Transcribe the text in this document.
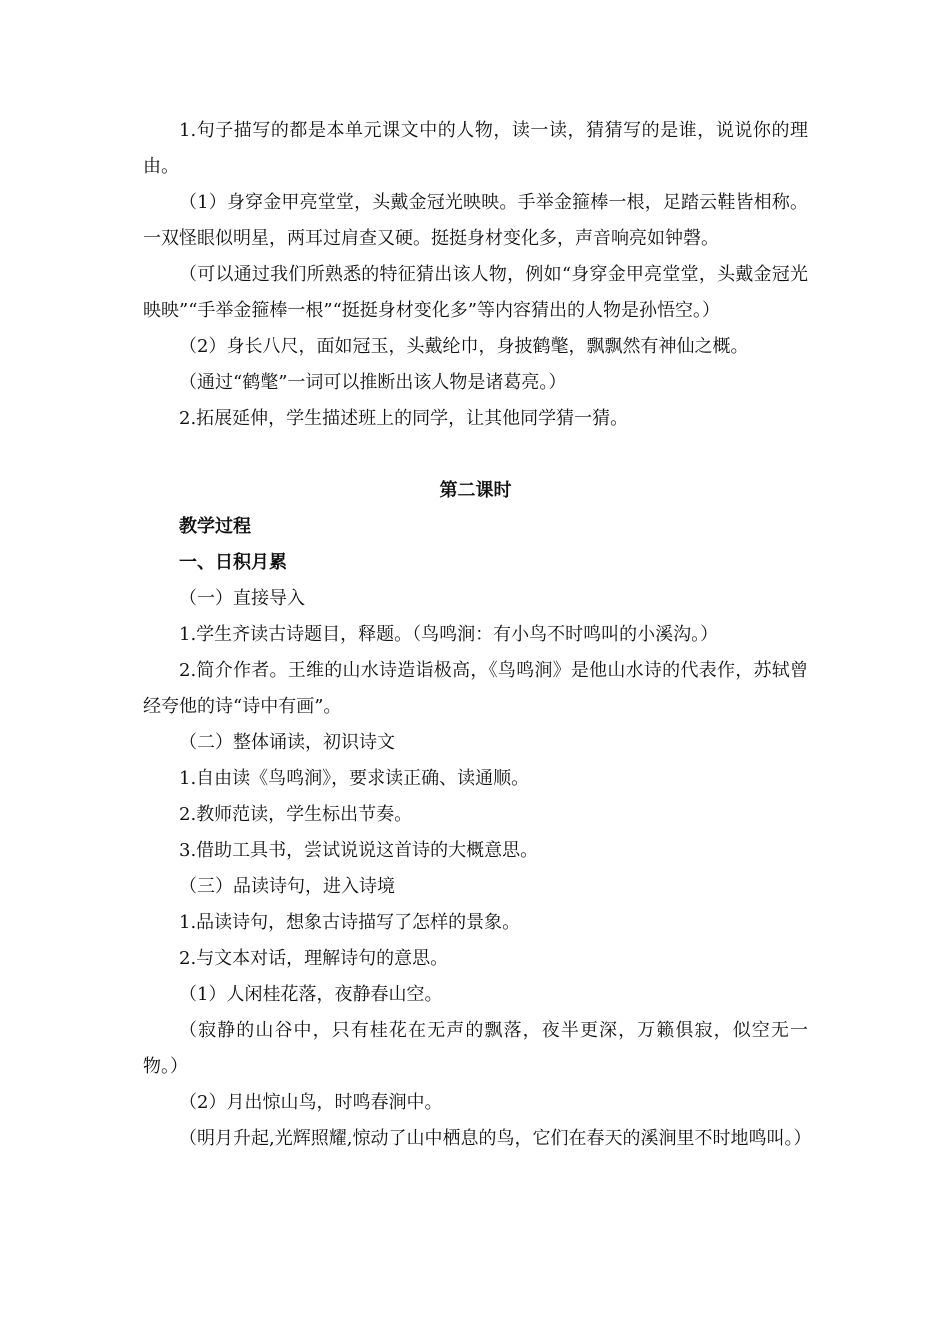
1.句子描写的都是本单元课文中的人物，读一读，猜猜写的是谁，说说你的理由。

（1）身穿金甲亮堂堂，头戴金冠光映映。手举金箍棒一根，足踏云鞋皆相称。一双怪眼似明星，两耳过肩查又硬。挺挺身材变化多，声音响亮如钟磬。

（可以通过我们所熟悉的特征猜出该人物，例如“身穿金甲亮堂堂，头戴金冠光映映”“手举金箍棒一根”“挺挺身材变化多”等内容猜出的人物是孙悟空。）

（2）身长八尺，面如冠玉，头戴纶巾，身披鹤氅，飘飘然有神仙之概。

（通过“鹤氅”一词可以推断出该人物是诸葛亮。）

2.拓展延伸，学生描述班上的同学，让其他同学猜一猜。

第二课时

教学过程

一、日积月累

（一）直接导入

1.学生齐读古诗题目，释题。（鸟鸣涧：有小鸟不时鸣叫的小溪沟。）

2.简介作者。王维的山水诗造诣极高，《鸟鸣涧》是他山水诗的代表作，苏轼曾经夸他的诗“诗中有画”。

（二）整体诵读，初识诗文

1.自由读《鸟鸣涧》，要求读正确、读通顺。

2.教师范读，学生标出节奏。

3.借助工具书，尝试说说这首诗的大概意思。

（三）品读诗句，进入诗境

1.品读诗句，想象古诗描写了怎样的景象。

2.与文本对话，理解诗句的意思。

（1）人闲桂花落，夜静春山空。

（寂静的山谷中，只有桂花在无声的飘落，夜半更深，万籁俱寂，似空无一物。）

（2）月出惊山鸟，时鸣春涧中。

（明月升起,光辉照耀,惊动了山中栖息的鸟，它们在春天的溪涧里不时地鸣叫。）
